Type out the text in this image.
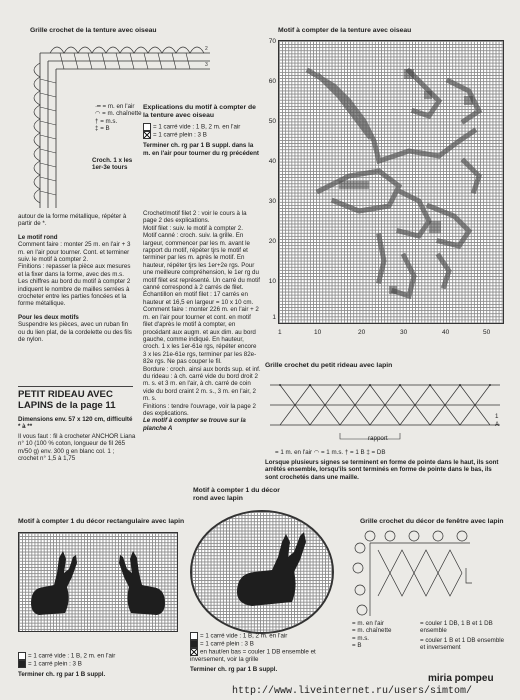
Grille crochet de la tenture avec oiseau
2
3
·━ = m. en l'air
◠ = m. chaînette
† = m.s.
‡ = B
Croch. 1 x les 1er-3e tours
Explications du motif à compter de la tenture avec oiseau
= 1 carré vide : 1 B, 2 m. en l'air
= 1 carré plein : 3 B
Terminer ch. rg par 1 B suppl. dans la m. en l'air pour tourner du rg précédent
Motif à compter de la tenture avec oiseau
70
60
50
40
30
20
10
1
1	10	20	30	40	50
autour de la forme métallique, répéter à partir de *.
Le motif rond
Comment faire : monter 25 m. en l'air + 3 m. en l'air pour tourner. Cont. et terminer suiv. le motif à compter 2.
Finitions : repasser la pièce aux mesures et la fixer dans la forme, avec des m.s. Les chiffres au bord du motif à compter 2 indiquent le nombre de mailles serrées à crocheter entre les parties foncées et la forme métallique.
Pour les deux motifs
Suspendre les pièces, avec un ruban fin ou du lien plat, de la cordelette ou des fils de nylon.
Crochet/motif filet 2 : voir le cours à la page 2 des explications.
Motif filet : suiv. le motif à compter 2.
Motif canné : croch. suiv. la grille. En largeur, commencer par les m. avant le rapport du motif, répéter tjrs le motif et terminer par les m. après le motif. En hauteur, répéter tjrs les 1er+2e rgs. Pour une meilleure compréhension, le 1er rg du motif filet est représenté. Un carré du motif canné correspond à 2 carrés de filet.
Échantillon en motif filet : 17 carrés en hauteur et 16,5 en largeur = 10 x 10 cm.
Comment faire : monter 226 m. en l'air + 2 m. en l'air pour tourner et cont. en motif filet d'après le motif à compter, en procédant aux augm. et aux dim. au bord gauche, comme indiqué. En hauteur, croch. 1 x les 1er-61e rgs, répéter encore 3 x les 21e-61e rgs, terminer par les 82e-82e rgs. Ne pas couper le fil.
Bordure : croch. ainsi aux bords sup. et inf. du rideau : à ch. carré vide du bord droit 2 m. s. et 3 m. en l'air, à ch. carré de coin vide du bord craint 2 m. s., 3 m. en l'air, 2 m. s.
Finitions : tendre l'ouvrage, voir la page 2 des explications.
Le motif à compter se trouve sur la planche A
PETIT RIDEAU AVEC LAPINS de la page 11
Dimensions env. 57 x 120 cm, difficulté * à **
Il vous faut : fil à crocheter ANCHOR Liana n° 10 (100 % coton, longueur de fil 265 m/50 g) env. 300 g en blanc col. 1 ; crochet n° 1,5 à 1,75
Grille crochet du petit rideau avec lapin
rapport
1
A
= 1 m. en l'air ◠ = 1 m.s. † = 1 B ‡ = DB
Lorsque plusieurs signes se terminent en forme de pointe dans le haut, ils sont arrêtés ensemble, lorsqu'ils sont terminés en forme de pointe dans le bas, ils sont crochetés dans une maille.
Motif à compter 1 du décor rond avec lapin
= 1 carré vide : 1 B, 2 m. en l'air
= 1 carré plein : 3 B
en haut/en bas = couler 1 DB ensemble et inversement, voir la grille
Terminer ch. rg par 1 B suppl.
Motif à compter 1 du décor rectangulaire avec lapin
= 1 carré vide : 1 B, 2 m. en l'air
= 1 carré plein : 3 B
Terminer ch. rg par 1 B suppl.
Grille crochet du décor de fenêtre avec lapin
= m. en l'air
= m. chaînette
= m.s.
= B
= couler 1 DB, 1 B et 1 DB ensemble
= couler 1 B et 1 DB ensemble et inversement
miria pompeu
http://www.liveinternet.ru/users/simtom/
